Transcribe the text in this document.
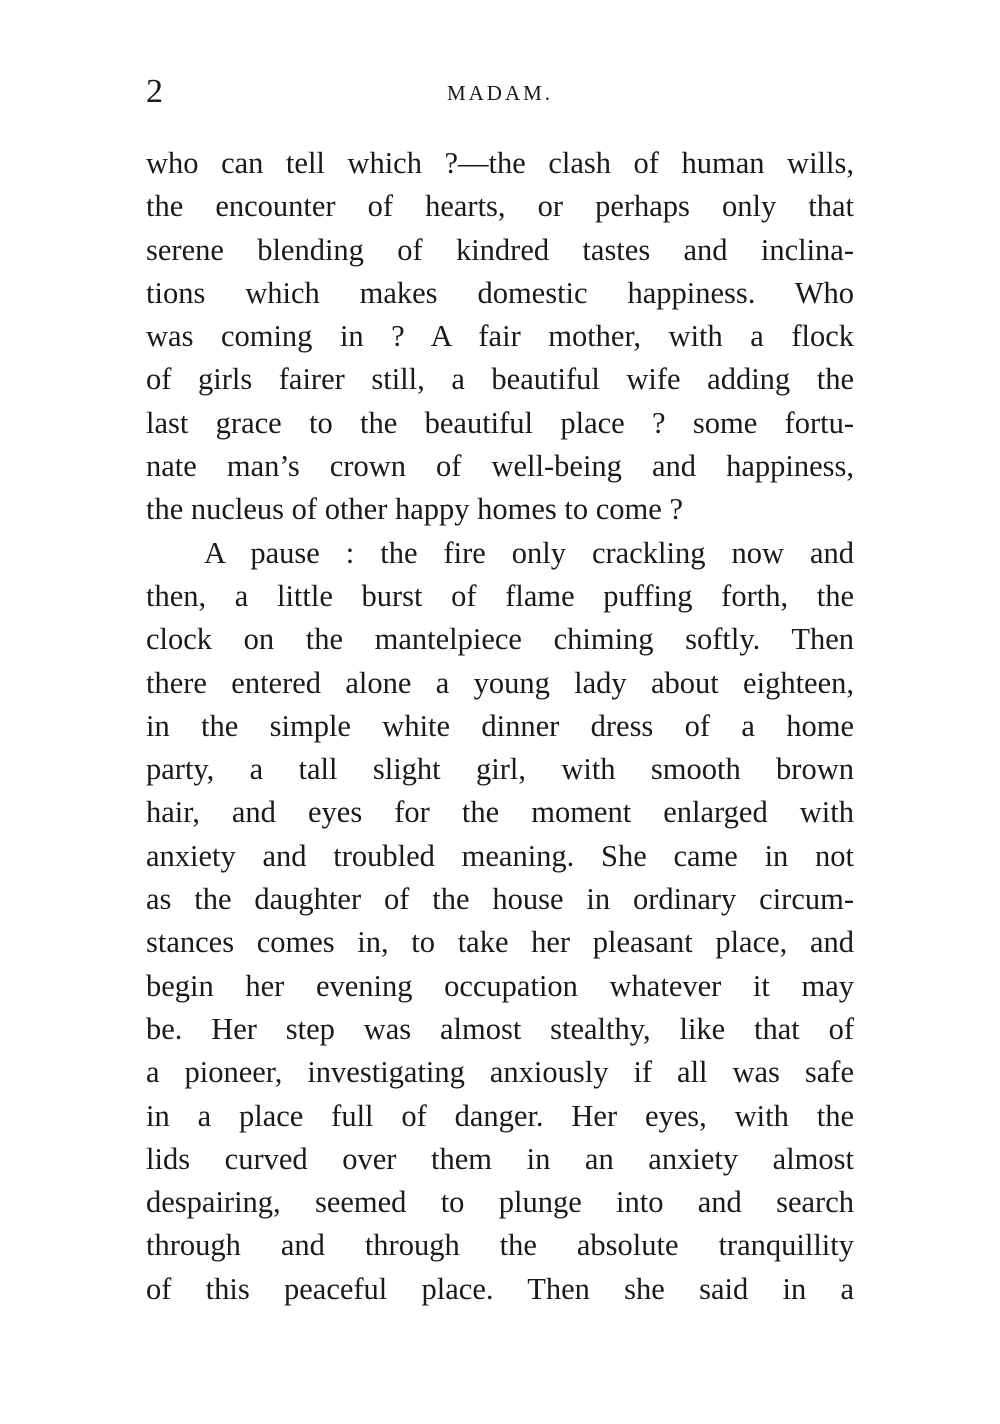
2	MADAM.
who can tell which ?—the clash of human wills,
the encounter of hearts, or perhaps only that
serene blending of kindred tastes and inclina-
tions which makes domestic happiness. Who
was coming in ? A fair mother, with a flock
of girls fairer still, a beautiful wife adding the
last grace to the beautiful place ? some fortu-
nate man’s crown of well-being and happiness,
the nucleus of other happy homes to come ?
A pause : the fire only crackling now and
then, a little burst of flame puffing forth, the
clock on the mantelpiece chiming softly. Then
there entered alone a young lady about eighteen,
in the simple white dinner dress of a home
party, a tall slight girl, with smooth brown
hair, and eyes for the moment enlarged with
anxiety and troubled meaning. She came in not
as the daughter of the house in ordinary circum-
stances comes in, to take her pleasant place, and
begin her evening occupation whatever it may
be. Her step was almost stealthy, like that of
a pioneer, investigating anxiously if all was safe
in a place full of danger. Her eyes, with the
lids curved over them in an anxiety almost
despairing, seemed to plunge into and search
through and through the absolute tranquillity
of this peaceful place. Then she said in a
